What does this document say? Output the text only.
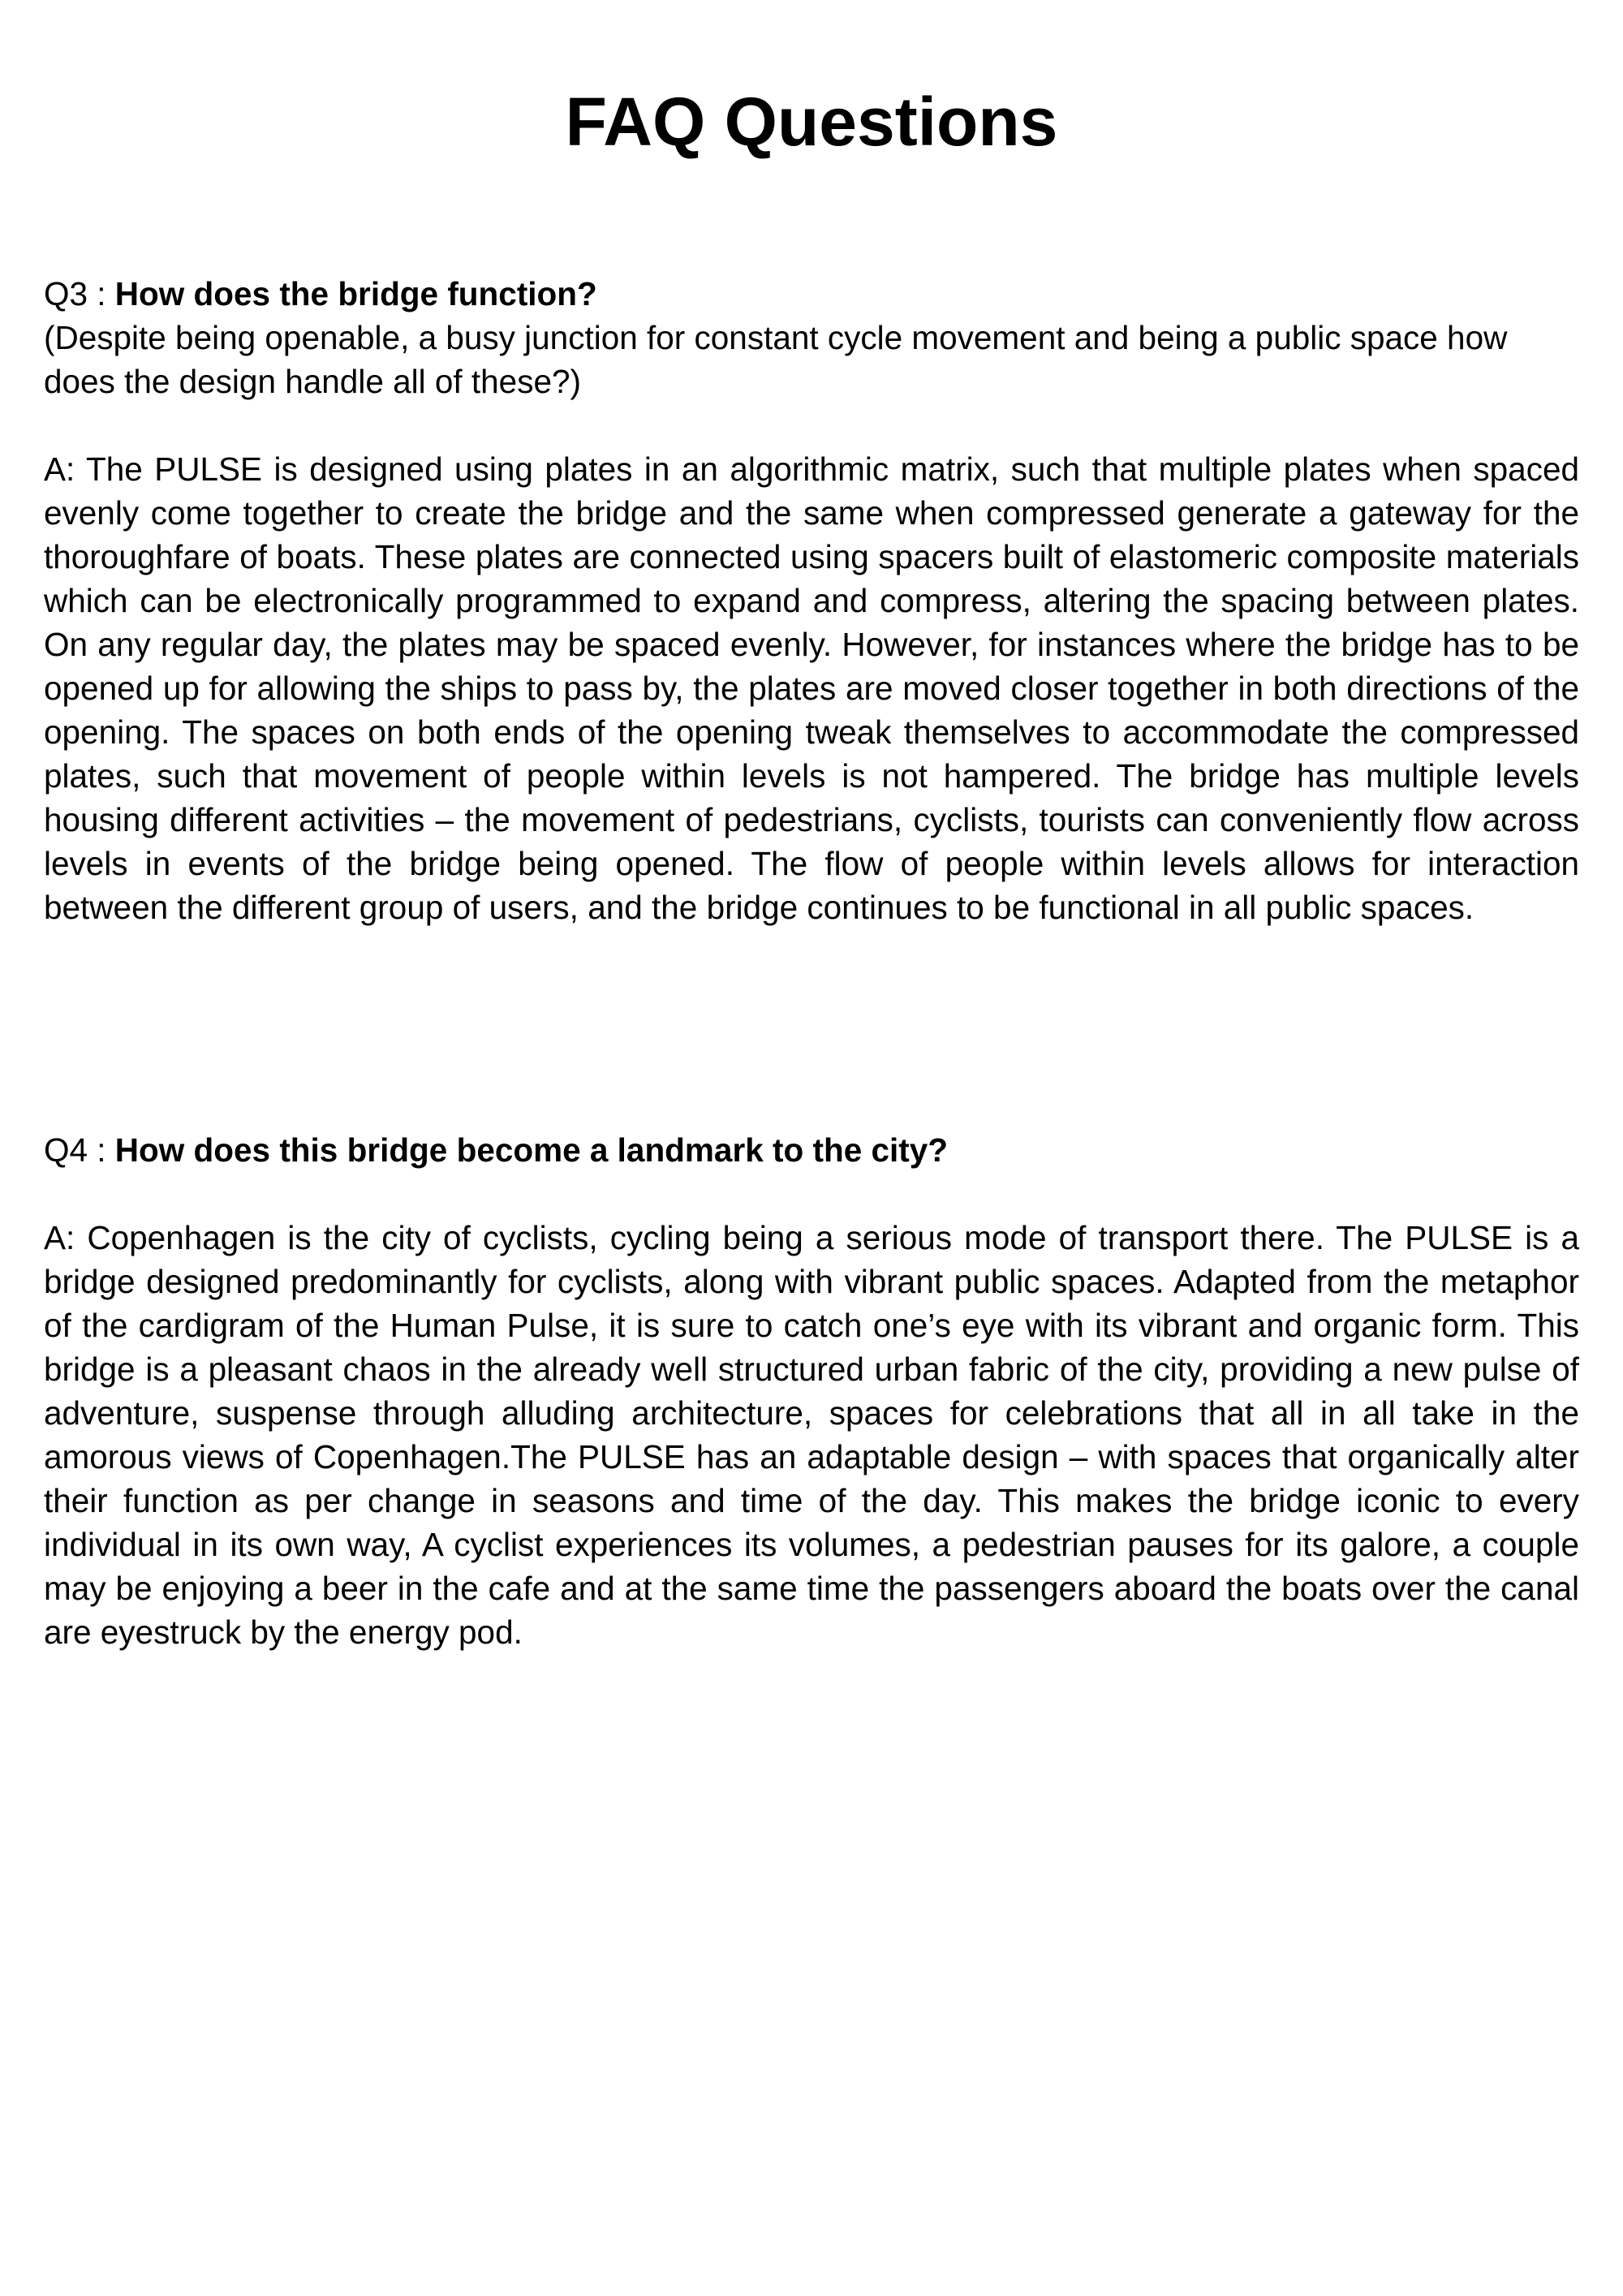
FAQ Questions

Q3 : How does the bridge function?

(Despite being openable, a busy junction for constant cycle movement and being a public space how does the design handle all of these?)

A: The PULSE is designed using plates in an algorithmic matrix, such that multiple plates when spaced evenly come together to create the bridge and the same when compressed generate a gateway for the thoroughfare of boats. These plates are connected using spacers built of elastomeric composite materials which can be electronically programmed to expand and compress, altering the spacing between plates. On any regular day, the plates may be spaced evenly. However, for instances where the bridge has to be opened up for allowing the ships to pass by, the plates are moved closer together in both directions of the opening. The spaces on both ends of the opening tweak themselves to accommodate the compressed plates, such that movement of people within levels is not hampered. The bridge has multiple levels housing different activities – the movement of pedestrians, cyclists, tourists can conveniently flow across levels in events of the bridge being opened. The flow of people within levels allows for interaction between the different group of users, and the bridge continues to be functional in all public spaces.

Q4 : How does this bridge become a landmark to the city?

A: Copenhagen is the city of cyclists, cycling being a serious mode of transport there. The PULSE is a bridge designed predominantly for cyclists, along with vibrant public spaces. Adapted from the metaphor of the cardigram of the Human Pulse, it is sure to catch one’s eye with its vibrant and organic form. This bridge is a pleasant chaos in the already well structured urban fabric of the city, providing a new pulse of adventure, suspense through alluding architecture, spaces for celebrations that all in all take in the amorous views of Copenhagen.The PULSE has an adaptable design – with spaces that organically alter their function as per change in seasons and time of the day. This makes the bridge iconic to every individual in its own way, A cyclist experiences its volumes, a pedestrian pauses for its galore, a couple may be enjoying a beer in the cafe and at the same time the passengers aboard the boats over the canal are eyestruck by the energy pod.
